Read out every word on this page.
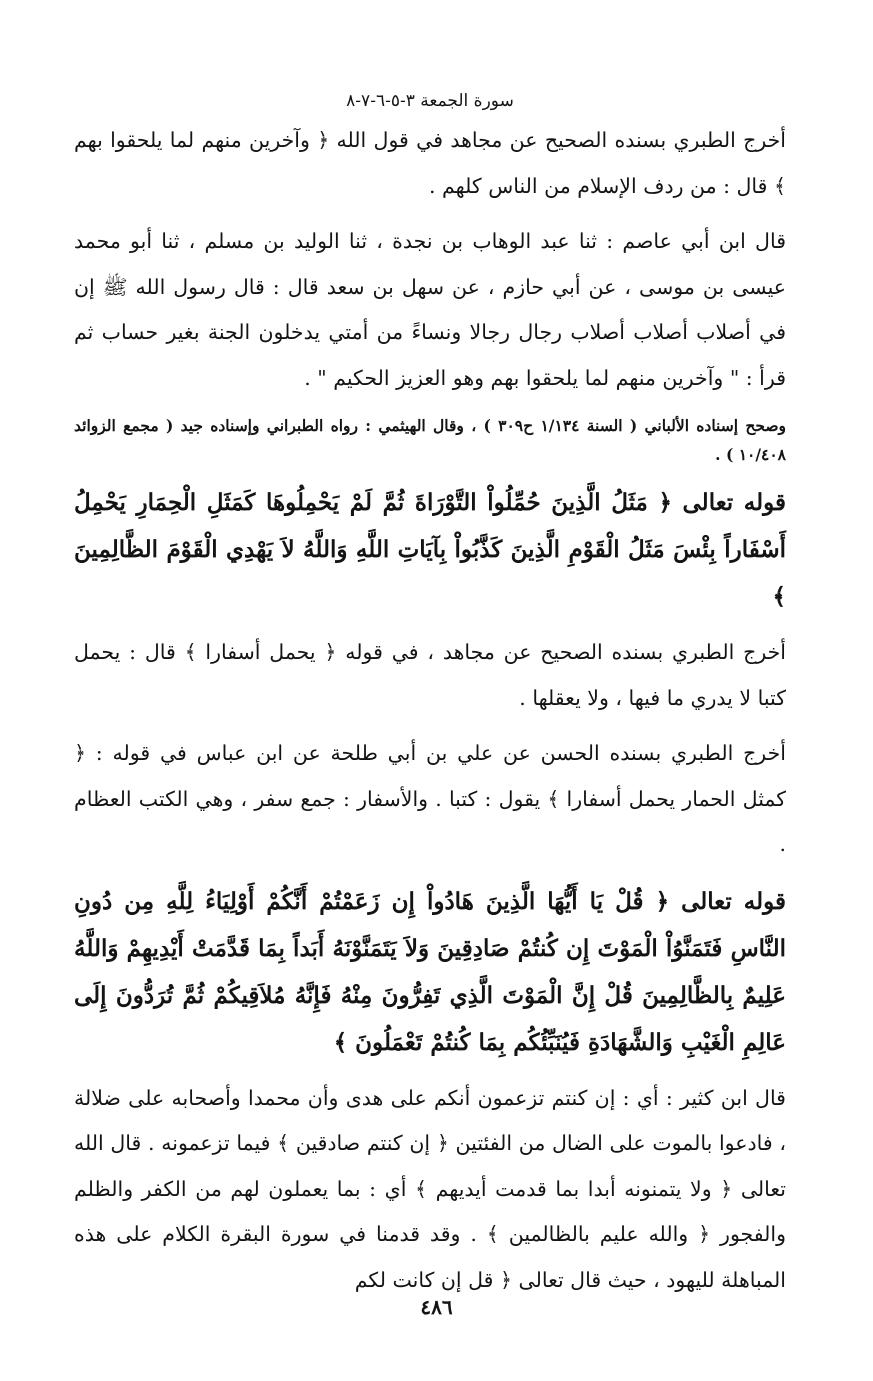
سورة الجمعة ٣-٥-٦-٧-٨

أخرج الطبري بسنده الصحيح عن مجاهد في قول الله ﴿ وآخرين منهم لما يلحقوا بهم ﴾ قال : من ردف الإسلام من الناس كلهم .

قال ابن أبي عاصم : ثنا عبد الوهاب بن نجدة ، ثنا الوليد بن مسلم ، ثنا أبو محمد عيسى بن موسى ، عن أبي حازم ، عن سهل بن سعد قال : قال رسول الله ﷺ إن في أصلاب أصلاب أصلاب رجال رجالا ونساءً من أمتي يدخلون الجنة بغير حساب ثم قرأ : " وآخرين منهم لما يلحقوا بهم وهو العزيز الحكيم " .

وصحح إسناده الألباني ( السنة ١/١٣٤ ح٣٠٩ ) ، وقال الهيثمي : رواه الطبراني وإسناده جيد ( مجمع الزوائد ١٠/٤٠٨ ) .

قوله تعالى ﴿ مَثَلُ الَّذِينَ حُمِّلُواْ التَّوْرَاةَ ثُمَّ لَمْ يَحْمِلُوهَا كَمَثَلِ الْحِمَارِ يَحْمِلُ أَسْفَاراً بِئْسَ مَثَلُ الْقَوْمِ الَّذِينَ كَذَّبُواْ بِآيَاتِ اللَّهِ وَاللَّهُ لاَ يَهْدِي الْقَوْمَ الظَّالِمِينَ ﴾

أخرج الطبري بسنده الصحيح عن مجاهد ، في قوله ﴿ يحمل أسفارا ﴾ قال : يحمل كتبا لا يدري ما فيها ، ولا يعقلها .

أخرج الطبري بسنده الحسن عن علي بن أبي طلحة عن ابن عباس في قوله : ﴿ كمثل الحمار يحمل أسفارا ﴾ يقول : كتبا . والأسفار : جمع سفر ، وهي الكتب العظام .

قوله تعالى ﴿ قُلْ يَا أَيُّهَا الَّذِينَ هَادُواْ إِن زَعَمْتُمْ أَنَّكُمْ أَوْلِيَاءُ لِلَّهِ مِن دُونِ النَّاسِ فَتَمَنَّوُاْ الْمَوْتَ إِن كُنتُمْ صَادِقِينَ وَلاَ يَتَمَنَّوْنَهُ أَبَداً بِمَا قَدَّمَتْ أَيْدِيهِمْ وَاللَّهُ عَلِيمٌ بِالظَّالِمِينَ قُلْ إِنَّ الْمَوْتَ الَّذِي تَفِرُّونَ مِنْهُ فَإِنَّهُ مُلاَقِيكُمْ ثُمَّ تُرَدُّونَ إِلَى عَالِمِ الْغَيْبِ وَالشَّهَادَةِ فَيُنَبِّئُكُم بِمَا كُنتُمْ تَعْمَلُونَ ﴾

قال ابن كثير : أي : إن كنتم تزعمون أنكم على هدى وأن محمدا وأصحابه على ضلالة ، فادعوا بالموت على الضال من الفئتين ﴿ إن كنتم صادقين ﴾ فيما تزعمونه . قال الله تعالى ﴿ ولا يتمنونه أبدا بما قدمت أيديهم ﴾ أي : بما يعملون لهم من الكفر والظلم والفجور ﴿ والله عليم بالظالمين ﴾ . وقد قدمنا في سورة البقرة الكلام على هذه المباهلة لليهود ، حيث قال تعالى ﴿ قل إن كانت لكم

٤٨٦
